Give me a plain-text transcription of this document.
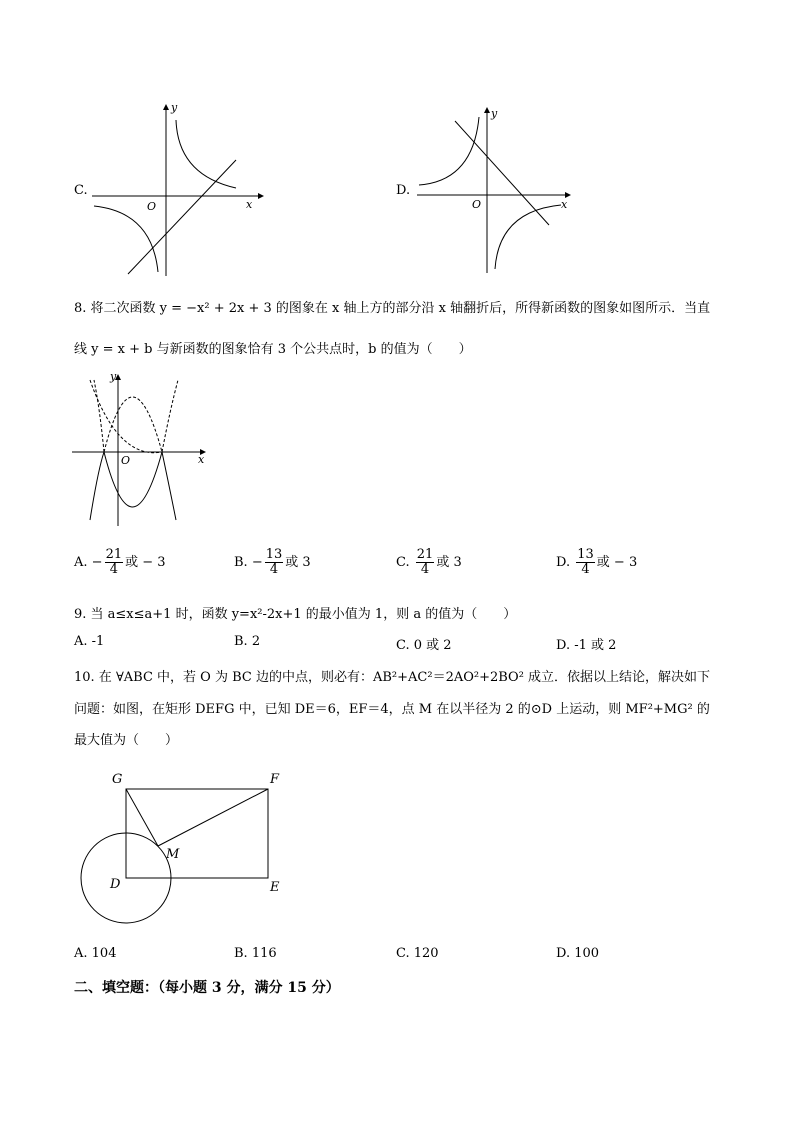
C.
y
x
O
D.
y
x
O
8. 将二次函数 y = −x² + 2x + 3 的图象在 x 轴上方的部分沿 x 轴翻折后，所得新函数的图象如图所示．当直
线 y = x + b 与新函数的图象恰有 3 个公共点时，b 的值为（　　）
y
x
O
A. − $\frac{21}{4}$ 或 − 3	B. − $\frac{13}{4}$ 或 3	C. $\frac{21}{4}$ 或 3	D. $\frac{13}{4}$ 或 − 3
9. 当 a≤x≤a+1 时，函数 y=x²-2x+1 的最小值为 1，则 a 的值为（　　）
A. -1	B. 2	C. 0 或 2	D. -1 或 2
10. 在 ∀ABC 中，若 O 为 BC 边的中点，则必有：AB²+AC²＝2AO²+2BO² 成立．依据以上结论，解决如下
问题：如图，在矩形 DEFG 中，已知 DE＝6，EF＝4，点 M 在以半径为 2 的⊙D 上运动，则 MF²+MG² 的
最大值为（　　）
G	F
M
D	E
A. 104	B. 116	C. 120	D. 100
二、填空题：（每小题 3 分，满分 15 分）
